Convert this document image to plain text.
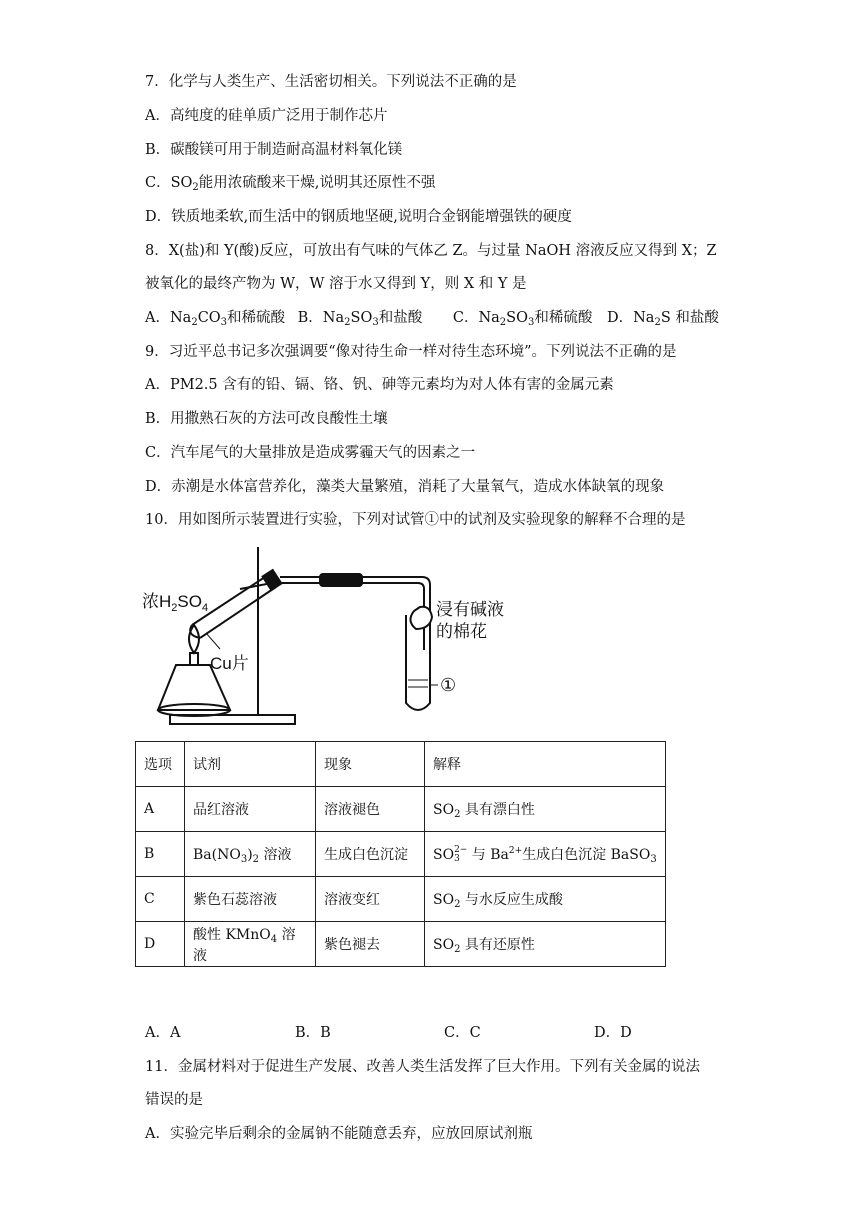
7．化学与人类生产、生活密切相关。下列说法不正确的是
A．高纯度的硅单质广泛用于制作芯片
B．碳酸镁可用于制造耐高温材料氧化镁
C．$SO_2$能用浓硫酸来干燥,说明其还原性不强
D．铁质地柔软,而生活中的钢质地坚硬,说明合金钢能增强铁的硬度
8．X(盐)和 Y(酸)反应，可放出有气味的气体乙 Z。与过量 NaOH 溶液反应又得到 X；Z
被氧化的最终产物为 W，W 溶于水又得到 Y，则 X 和 Y 是
A．$Na_2CO_3$和稀硫酸 B．$Na_2SO_3$和盐酸 C．$Na_2SO_3$和稀硫酸 D．$Na_2S$ 和盐酸
9．习近平总书记多次强调要“像对待生命一样对待生态环境”。下列说法不正确的是
A．PM2.5 含有的铅、镉、铬、钒、砷等元素均为对人体有害的金属元素
B．用撒熟石灰的方法可改良酸性土壤
C．汽车尾气的大量排放是造成雾霾天气的因素之一
D．赤潮是水体富营养化，藻类大量繁殖，消耗了大量氧气，造成水体缺氧的现象
10．用如图所示装置进行实验，下列对试管①中的试剂及实验现象的解释不合理的是
浓$H_2SO_4$
Cu片
浸有碱液
的棉花
①
选项	试剂	现象	解释
A	品红溶液	溶液褪色	$SO_2$ 具有漂白性
B	$Ba(NO_3)_2$ 溶液	生成白色沉淀	SO2−
3 与 $Ba^{2+}$生成白色沉淀 BaSO$_3$
C	紫色石蕊溶液	溶液变红	$SO_2$ 与水反应生成酸
D	酸性 KMnO$_4$ 溶液	紫色褪去	$SO_2$ 具有还原性
A．A	B．B	C．C	D．D
11．金属材料对于促进生产发展、改善人类生活发挥了巨大作用。下列有关金属的说法
错误的是
A．实验完毕后剩余的金属钠不能随意丢弃，应放回原试剂瓶
